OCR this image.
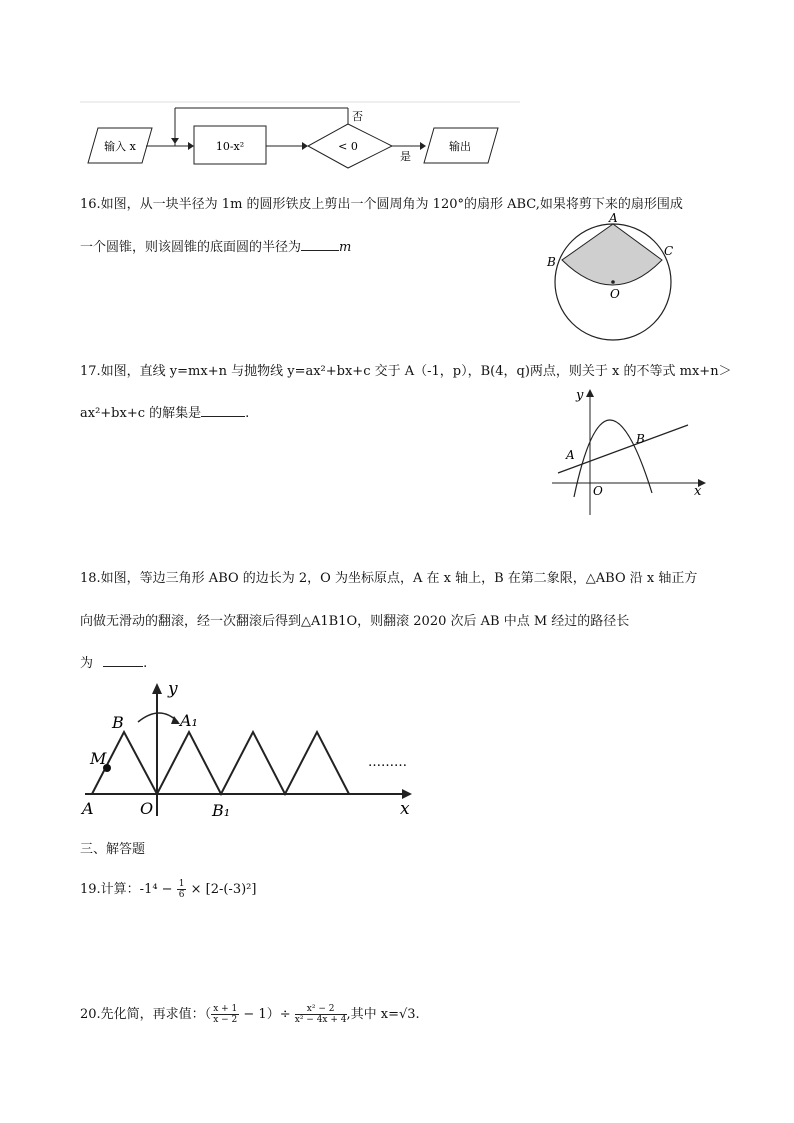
输入 x	10-x²	< 0
否
是
输出
16.如图，从一块半径为 1m 的圆形铁皮上剪出一个圆周角为 120°的扇形 ABC,如果将剪下来的扇形围成
一个圆锥，则该圆锥的底面圆的半径为	m
A
B
C
O
17.如图，直线 y=mx+n 与抛物线 y=ax²+bx+c 交于 A（-1，p），B(4，q)两点，则关于 x 的不等式 mx+n＞
ax²+bx+c 的解集是	.
y
x
O
A
B
18.如图，等边三角形 ABO 的边长为 2，O 为坐标原点，A 在 x 轴上，B 在第二象限，△ABO 沿 x 轴正方
向做无滑动的翻滚，经一次翻滚后得到△A1B1O，则翻滚 2020 次后 AB 中点 M 经过的路径长
为	.
………
y
x
A	O
B
B₁
A₁
M
三、解答题
19.计算：$-1^4 - \frac{1}{6} \times [2-(-3)^2]$
20.先化简，再求值：（ $\frac{x + 1}{x - 2} - 1)\div \frac{\text{x² − 2}}{\text{x² − 4x + 4}}$ ,其中 x=√3.
